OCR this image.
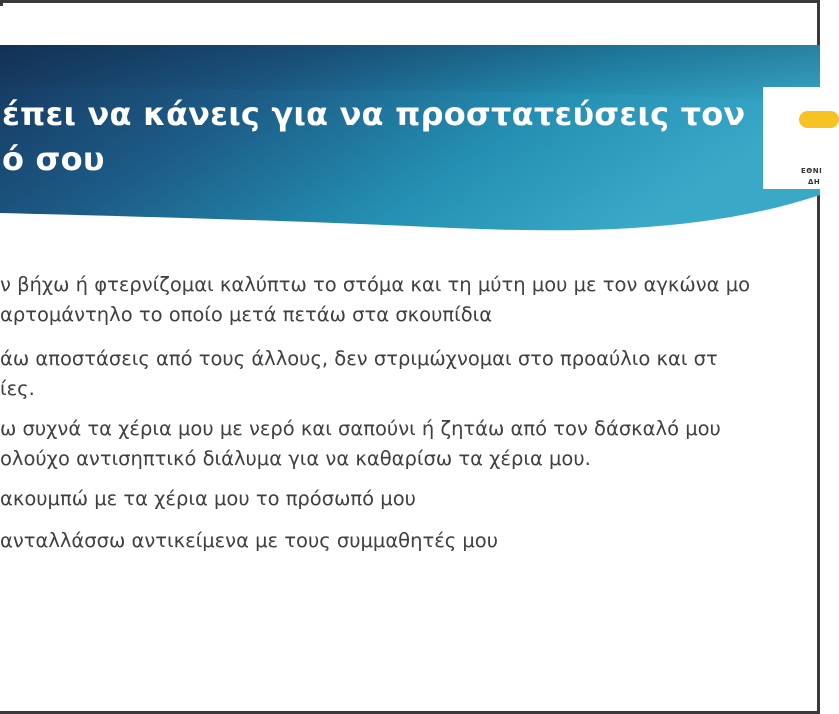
έπει να κάνεις για να προστατεύσεις τον
ό σου	ΕΘΝΙ
ΔΗ
ν βήχω ή φτερνίζομαι καλύπτω το στόμα και τη μύτη μου με τον αγκώνα μο
αρτομάντηλο το οποίο μετά πετάω στα σκουπίδια
άω αποστάσεις από τους άλλους, δεν στριμώχνομαι στο προαύλιο και στ
ίες.
ω συχνά τα χέρια μου με νερό και σαπούνι ή ζητάω από τον δάσκαλό μου
ολούχο αντισηπτικό διάλυμα για να καθαρίσω τα χέρια μου.
ακουμπώ με τα χέρια μου το πρόσωπό μου
ανταλλάσσω αντικείμενα με τους συμμαθητές μου
